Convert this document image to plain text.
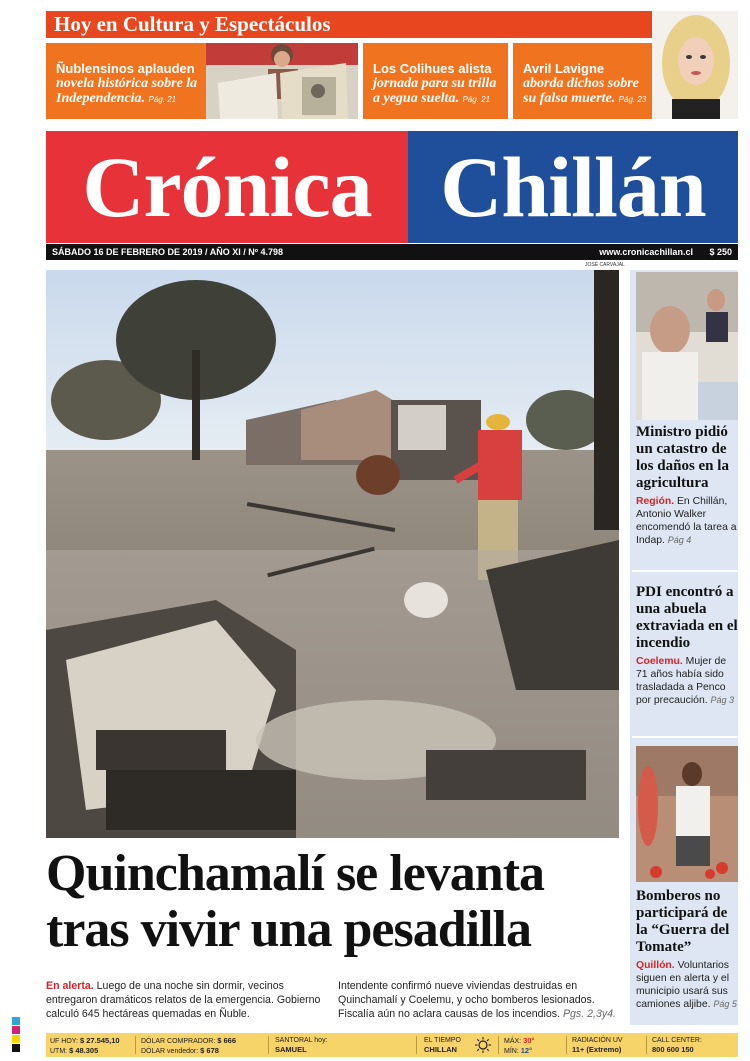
Hoy en Cultura y Espectáculos
Ñublensinos aplauden
novela histórica sobre la Independencia. Pág. 21
Los Colihues alista
jornada para su trilla a yegua suelta. Pág. 21
Avril Lavigne
aborda dichos sobre su falsa muerte. Pág. 23
Crónica Chillán
SÁBADO 16 DE FEBRERO DE 2019 / AÑO XI / Nº 4.798	www.cronicachillan.cl $ 250
JOSÉ CARVAJAL
Quinchamalí se levanta
tras vivir una pesadilla
En alerta. Luego de una noche sin dormir, vecinos entregaron dramáticos relatos de la emergencia. Gobierno calculó 645 hectáreas quemadas en Ñuble.
Intendente confirmó nueve viviendas destruidas en Quinchamalí y Coelemu, y ocho bomberos lesionados. Fiscalía aún no aclara causas de los incendios. Pgs. 2,3y4.
Ministro pidió un catastro de los daños en la agricultura
Región. En Chillán, Antonio Walker encomendó la tarea a Indap. Pág 4
PDI encontró a una abuela extraviada en el incendio
Coelemu. Mujer de 71 años había sido trasladada a Penco por precaución. Pág 3
Bomberos no participará de la “Guerra del Tomate”
Quillón. Voluntarios siguen en alerta y el municipio usará sus camiones aljibe. Pág 5
UF HOY: $ 27.545,10
UTM: $ 48.305
DÓLAR COMPRADOR: $ 666
DÓLAR vendedor: $ 678
SANTORAL hoy:
SAMUEL
EL TIEMPO
CHILLAN
MÁX: 30°
MÍN: 12°
RADIACIÓN UV
11+ (Extremo)
CALL CENTER:
800 600 150
